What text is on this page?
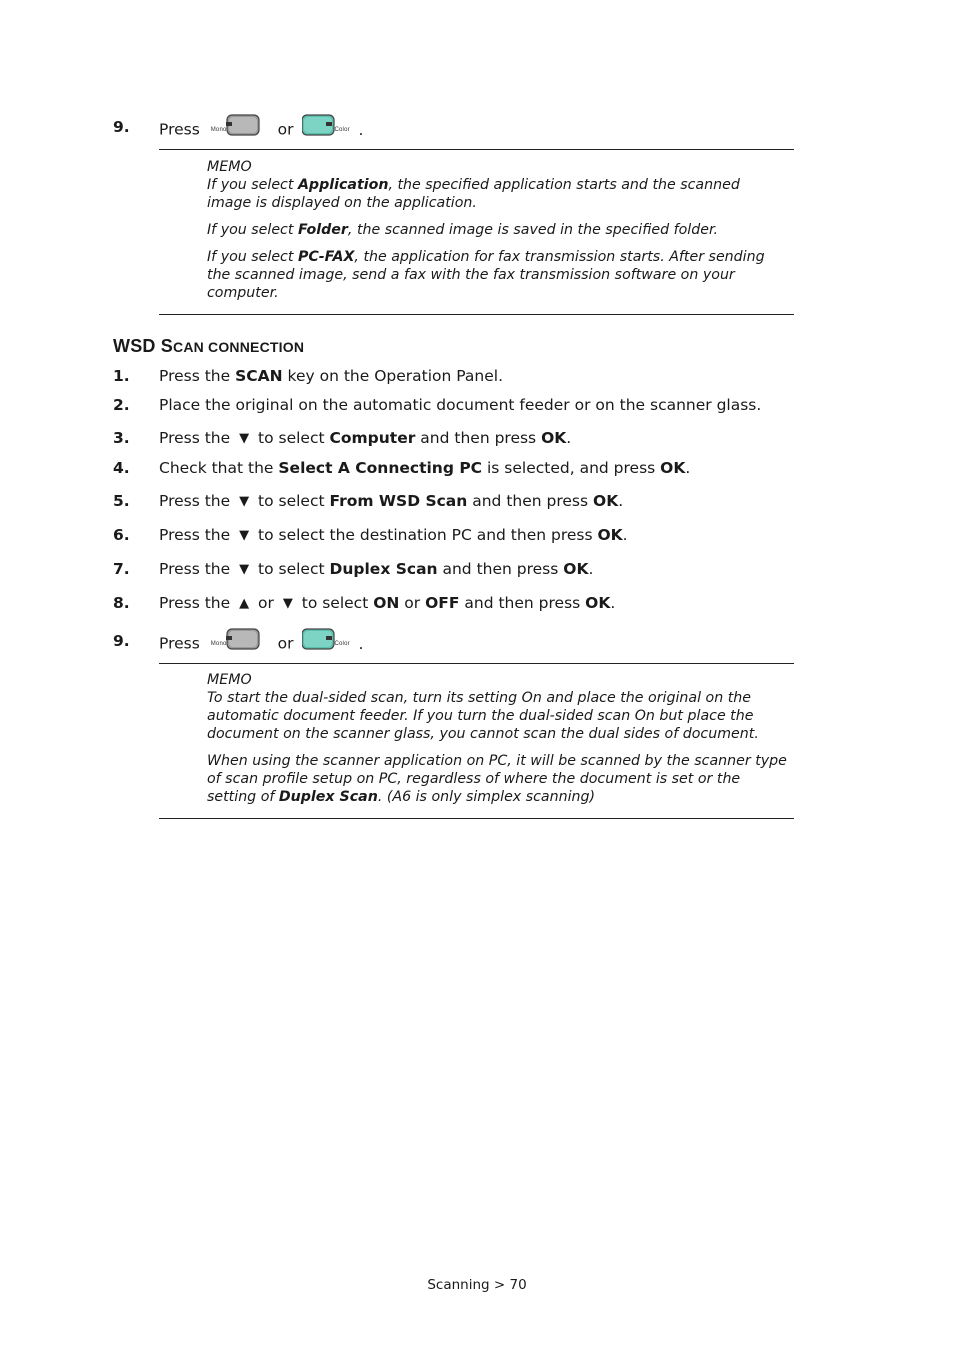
9. Press Mono	or	Color .

MEMO

If you select Application, the specified application starts and the scanned image is displayed on the application.

If you select Folder, the scanned image is saved in the specified folder.

If you select PC-FAX, the application for fax transmission starts. After sending the scanned image, send a fax with the fax transmission software on your computer.

WSD SCAN CONNECTION
1. Press the SCAN key on the Operation Panel.
2. Place the original on the automatic document feeder or on the scanner glass.
3. Press the ▼ to select Computer and then press OK.
4. Check that the Select A Connecting PC is selected, and press OK.
5. Press the ▼ to select From WSD Scan and then press OK.
6. Press the ▼ to select the destination PC and then press OK.
7. Press the ▼ to select Duplex Scan and then press OK.
8. Press the ▲ or ▼ to select ON or OFF and then press OK.
9. Press Mono	or	Color .

MEMO

To start the dual-sided scan, turn its setting On and place the original on the automatic document feeder. If you turn the dual-sided scan On but place the document on the scanner glass, you cannot scan the dual sides of document.

When using the scanner application on PC, it will be scanned by the scanner type of scan profile setup on PC, regardless of where the document is set or the setting of Duplex Scan. (A6 is only simplex scanning)

Scanning > 70
